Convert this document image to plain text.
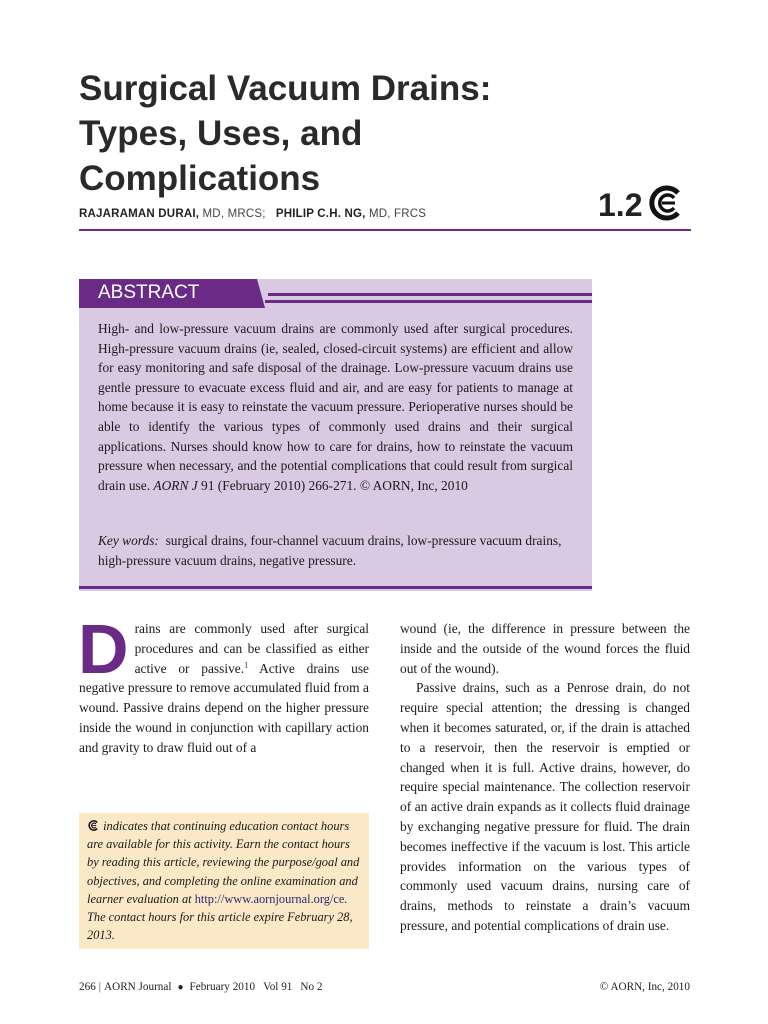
Surgical Vacuum Drains:
Types, Uses, and
Complications
RAJARAMAN DURAI, MD, MRCS; PHILIP C.H. NG, MD, FRCS	1.2
ABSTRACT

High- and low-pressure vacuum drains are commonly used after surgical procedures. High-pressure vacuum drains (ie, sealed, closed-circuit systems) are efficient and allow for easy monitoring and safe disposal of the drainage. Low-pressure vacuum drains use gentle pressure to evacuate excess fluid and air, and are easy for patients to manage at home because it is easy to reinstate the vacuum pressure. Perioperative nurses should be able to identify the various types of commonly used drains and their surgical applications. Nurses should know how to care for drains, how to reinstate the vacuum pressure when necessary, and the potential complications that could result from surgical drain use. AORN J 91 (February 2010) 266-271. © AORN, Inc, 2010

Key words: surgical drains, four-channel vacuum drains, low-pressure vacuum drains, high-pressure vacuum drains, negative pressure.

Drains are commonly used after surgical procedures and can be classified as either active or passive.$^1$ Active drains use negative pressure to remove accumulated fluid from a wound. Passive drains depend on the higher pressure inside the wound in conjunction with capillary action and gravity to draw fluid out of a

wound (ie, the difference in pressure between the inside and the outside of the wound forces the fluid out of the wound).
Passive drains, such as a Penrose drain, do not require special attention; the dressing is changed when it becomes saturated, or, if the drain is attached to a reservoir, then the reservoir is emptied or changed when it is full. Active drains, however, do require special maintenance. The collection reservoir of an active drain expands as it collects fluid drainage by exchanging negative pressure for fluid. The drain becomes ineffective if the vacuum is lost. This article provides information on the various types of commonly used vacuum drains, nursing care of drains, methods to reinstate a drain’s vacuum pressure, and potential complications of drain use.

indicates that continuing education contact hours are available for this activity. Earn the contact hours by reading this article, reviewing the purpose/goal and objectives, and completing the online examination and learner evaluation at http://www.aornjournal.org/ce. The contact hours for this article expire February 28, 2013.

266 | AORN Journal ● February 2010 Vol 91 No 2	© AORN, Inc, 2010
